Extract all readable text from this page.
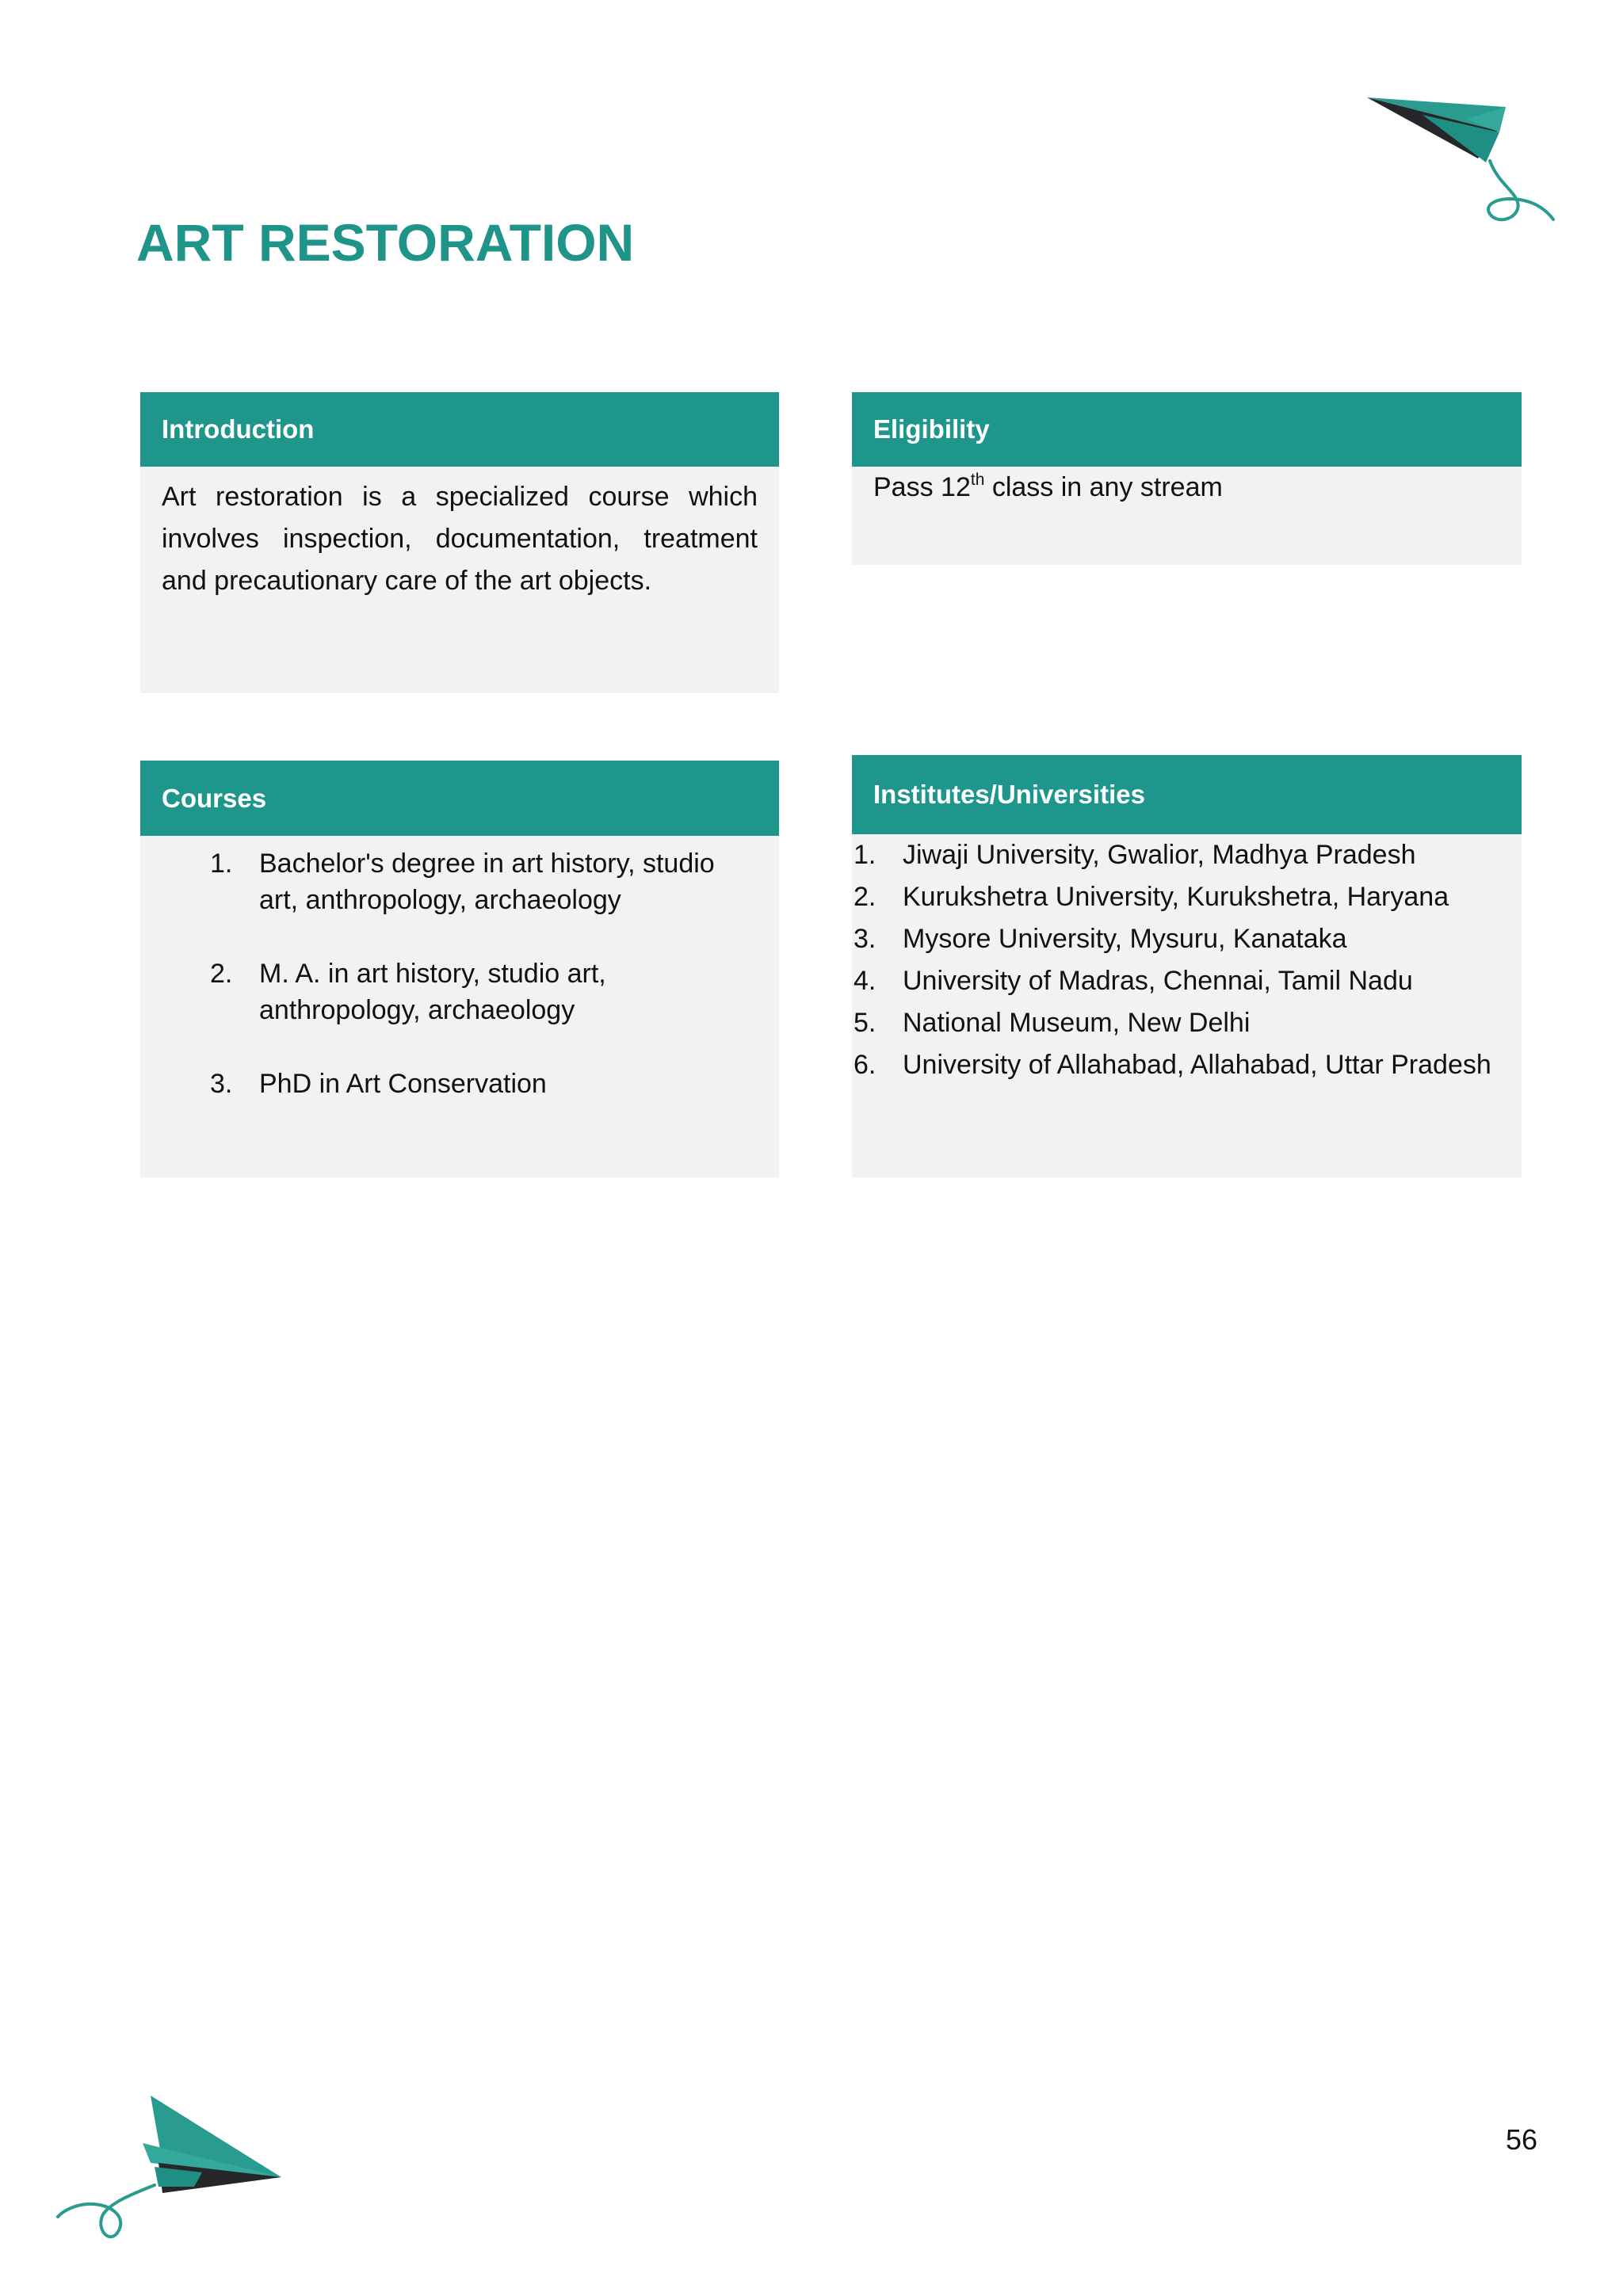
ART RESTORATION
Introduction
Art restoration is a specialized course which involves inspection, documentation, treatment and precautionary care of the art objects.
Eligibility
Pass 12th class in any stream
Courses
1. Bachelor's degree in art history, studio art, anthropology, archaeology
2. M. A. in art history, studio art, anthropology, archaeology
3. PhD in Art Conservation
Institutes/Universities
1. Jiwaji University, Gwalior, Madhya Pradesh
2. Kurukshetra University, Kurukshetra, Haryana
3. Mysore University, Mysuru, Kanataka
4. University of Madras, Chennai, Tamil Nadu
5. National Museum, New Delhi
6. University of Allahabad, Allahabad, Uttar Pradesh
56
